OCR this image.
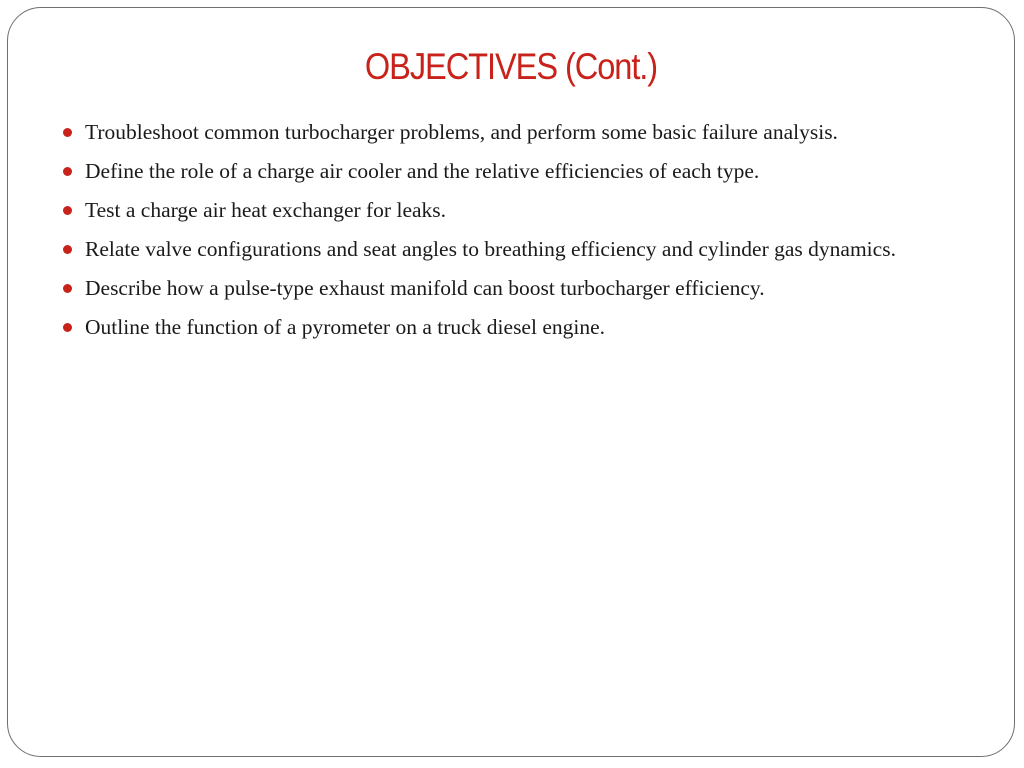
OBJECTIVES (Cont.)
Troubleshoot common turbocharger problems, and perform some basic failure analysis.
Define the role of a charge air cooler and the relative efficiencies of each type.
Test a charge air heat exchanger for leaks.
Relate valve configurations and seat angles to breathing efficiency and cylinder gas dynamics.
Describe how a pulse-type exhaust manifold can boost turbocharger efficiency.
Outline the function of a pyrometer on a truck diesel engine.
